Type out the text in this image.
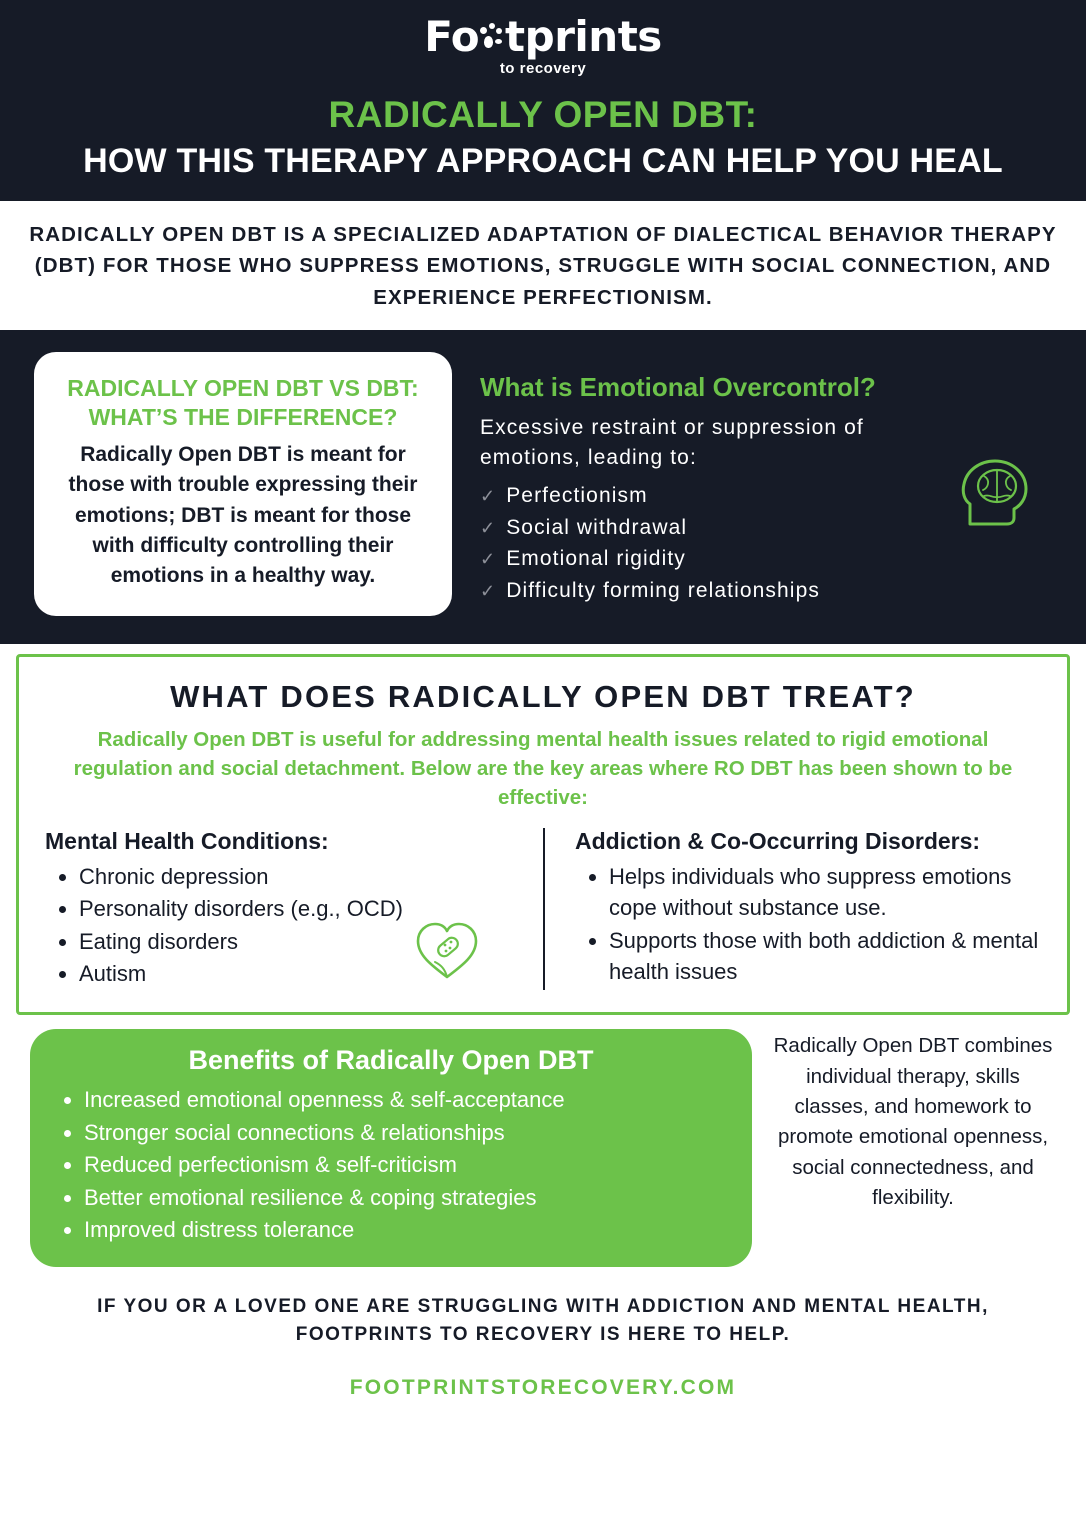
Fo tprints
to recovery
RADICALLY OPEN DBT:
HOW THIS THERAPY APPROACH CAN HELP YOU HEAL
RADICALLY OPEN DBT IS A SPECIALIZED ADAPTATION OF DIALECTICAL BEHAVIOR THERAPY (DBT) FOR THOSE WHO SUPPRESS EMOTIONS, STRUGGLE WITH SOCIAL CONNECTION, AND EXPERIENCE PERFECTIONISM.
RADICALLY OPEN DBT VS DBT: WHAT’S THE DIFFERENCE?

Radically Open DBT is meant for those with trouble expressing their emotions; DBT is meant for those with difficulty controlling their emotions in a healthy way.

What is Emotional Overcontrol?

Excessive restraint or suppression of emotions, leading to:

✓ Perfectionism
✓ Social withdrawal
✓ Emotional rigidity
✓ Difficulty forming relationships
WHAT DOES RADICALLY OPEN DBT TREAT?

Radically Open DBT is useful for addressing mental health issues related to rigid emotional regulation and social detachment. Below are the key areas where RO DBT has been shown to be effective:

Mental Health Conditions:
• Chronic depression
• Personality disorders (e.g., OCD)
• Eating disorders
• Autism
Addiction & Co-Occurring Disorders:
• Helps individuals who suppress emotions cope without substance use.
• Supports those with both addiction & mental health issues
Benefits of Radically Open DBT
• Increased emotional openness & self-acceptance
• Stronger social connections & relationships
• Reduced perfectionism & self-criticism
• Better emotional resilience & coping strategies
• Improved distress tolerance
Radically Open DBT combines individual therapy, skills classes, and homework to promote emotional openness, social connectedness, and flexibility.

IF YOU OR A LOVED ONE ARE STRUGGLING WITH ADDICTION AND MENTAL HEALTH, FOOTPRINTS TO RECOVERY IS HERE TO HELP.

FOOTPRINTSTORECOVERY.COM
